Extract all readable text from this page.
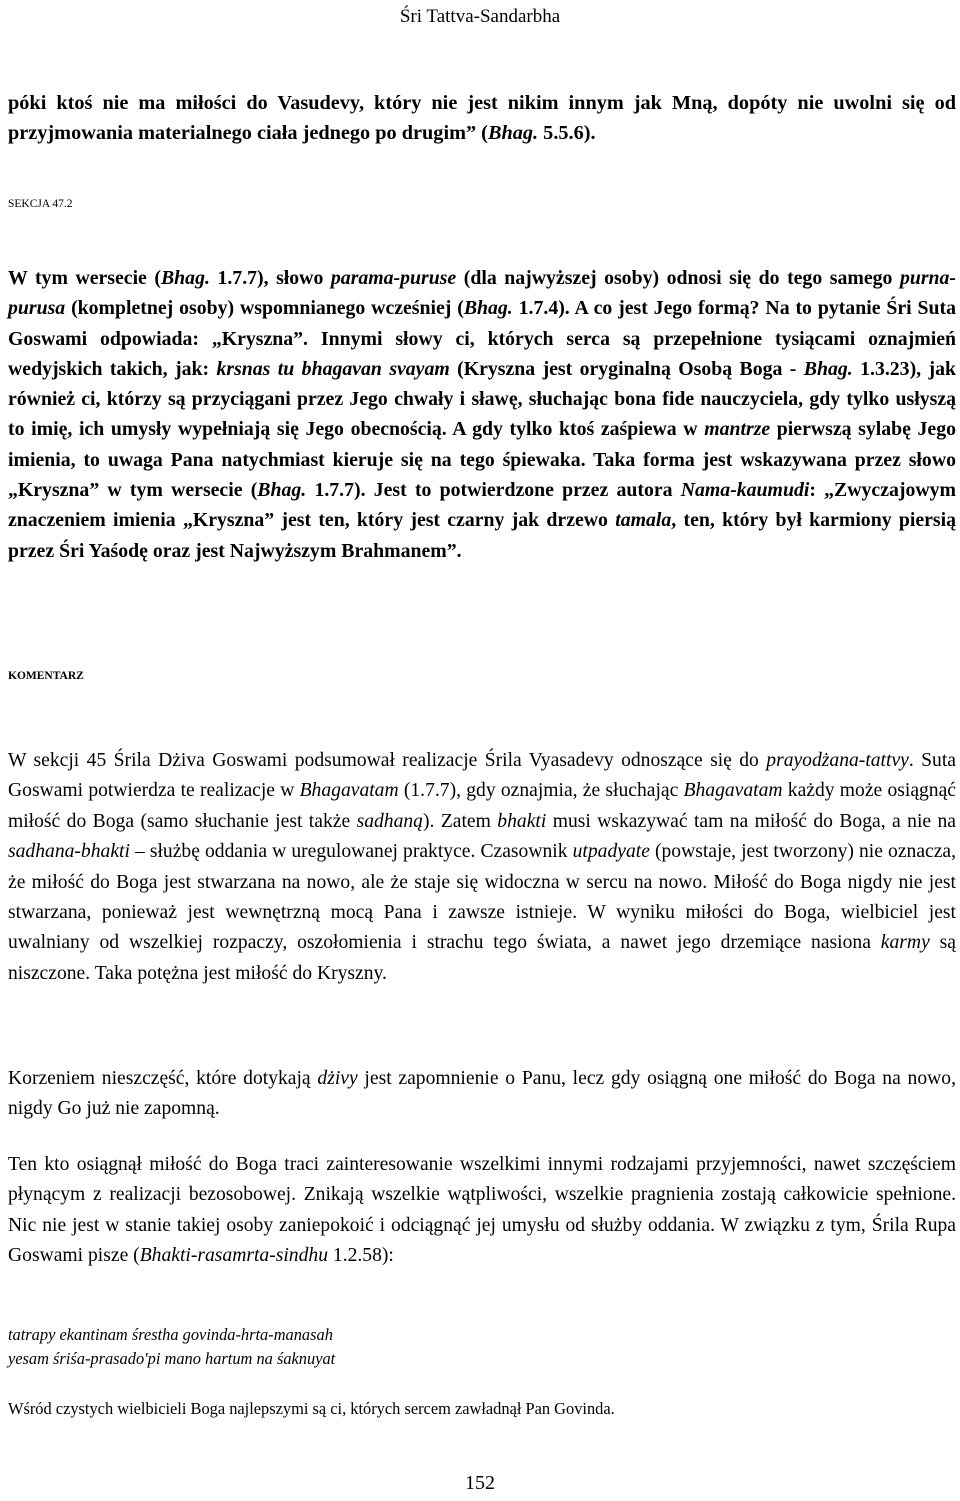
Śri Tattva-Sandarbha

póki ktoś nie ma miłości do Vasudevy, który nie jest nikim innym jak Mną, dopóty nie uwolni się od przyjmowania materialnego ciała jednego po drugim” (Bhag. 5.5.6).

SEKCJA 47.2

W tym wersecie (Bhag. 1.7.7), słowo parama-puruse (dla najwyższej osoby) odnosi się do tego samego purna-purusa (kompletnej osoby) wspomnianego wcześniej (Bhag. 1.7.4). A co jest Jego formą? Na to pytanie Śri Suta Goswami odpowiada: „Kryszna”. Innymi słowy ci, których serca są przepełnione tysiącami oznajmień wedyjskich takich, jak: krsnas tu bhagavan svayam (Kryszna jest oryginalną Osobą Boga - Bhag. 1.3.23), jak również ci, którzy są przyciągani przez Jego chwały i sławę, słuchając bona fide nauczyciela, gdy tylko usłyszą to imię, ich umysły wypełniają się Jego obecnością. A gdy tylko ktoś zaśpiewa w mantrze pierwszą sylabę Jego imienia, to uwaga Pana natychmiast kieruje się na tego śpiewaka. Taka forma jest wskazywana przez słowo „Kryszna” w tym wersecie (Bhag. 1.7.7). Jest to potwierdzone przez autora Nama-kaumudi: „Zwyczajowym znaczeniem imienia „Kryszna” jest ten, który jest czarny jak drzewo tamala, ten, który był karmiony piersią przez Śri Yaśodę oraz jest Najwyższym Brahmanem”.

KOMENTARZ

W sekcji 45 Śrila Dżiva Goswami podsumował realizacje Śrila Vyasadevy odnoszące się do prayodżana-tattvy. Suta Goswami potwierdza te realizacje w Bhagavatam (1.7.7), gdy oznajmia, że słuchając Bhagavatam każdy może osiągnąć miłość do Boga (samo słuchanie jest także sadhaną). Zatem bhakti musi wskazywać tam na miłość do Boga, a nie na sadhana-bhakti – służbę oddania w uregulowanej praktyce. Czasownik utpadyate (powstaje, jest tworzony) nie oznacza, że miłość do Boga jest stwarzana na nowo, ale że staje się widoczna w sercu na nowo. Miłość do Boga nigdy nie jest stwarzana, ponieważ jest wewnętrzną mocą Pana i zawsze istnieje. W wyniku miłości do Boga, wielbiciel jest uwalniany od wszelkiej rozpaczy, oszołomienia i strachu tego świata, a nawet jego drzemiące nasiona karmy są niszczone. Taka potężna jest miłość do Kryszny.

Korzeniem nieszczęść, które dotykają dżivy jest zapomnienie o Panu, lecz gdy osiągną one miłość do Boga na nowo, nigdy Go już nie zapomną.

Ten kto osiągnął miłość do Boga traci zainteresowanie wszelkimi innymi rodzajami przyjemności, nawet szczęściem płynącym z realizacji bezosobowej. Znikają wszelkie wątpliwości, wszelkie pragnienia zostają całkowicie spełnione. Nic nie jest w stanie takiej osoby zaniepokoić i odciągnąć jej umysłu od służby oddania. W związku z tym, Śrila Rupa Goswami pisze (Bhakti-rasamrta-sindhu 1.2.58):

tatrapy ekantinam śrestha govinda-hrta-manasah
yesam śriśa-prasado'pi mano hartum na śaknuyat

Wśród czystych wielbicieli Boga najlepszymi są ci, których sercem zawładnął Pan Govinda.

152
